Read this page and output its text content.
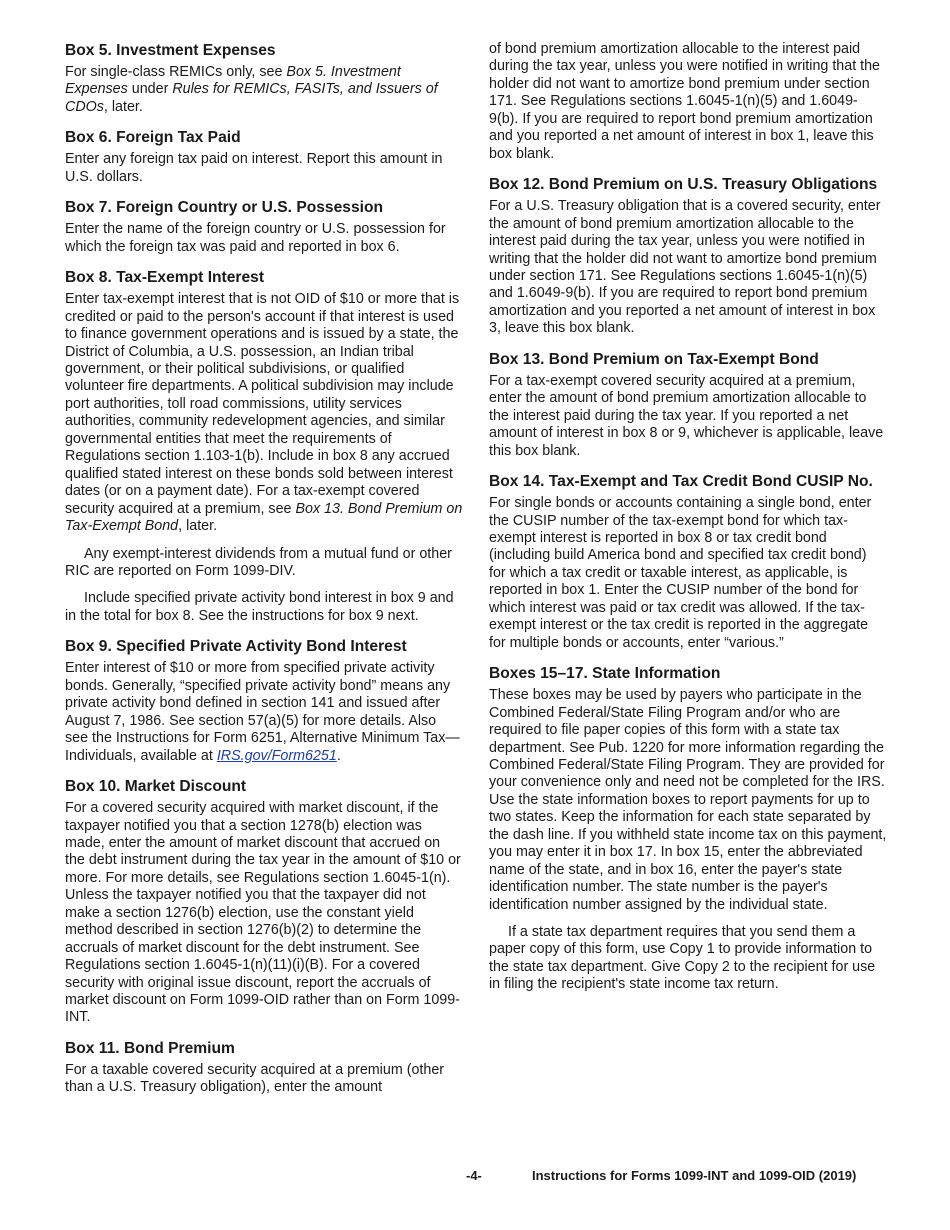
Box 5. Investment Expenses

For single-class REMICs only, see Box 5. Investment Expenses under Rules for REMICs, FASITs, and Issuers of CDOs, later.

Box 6. Foreign Tax Paid

Enter any foreign tax paid on interest. Report this amount in U.S. dollars.

Box 7. Foreign Country or U.S. Possession

Enter the name of the foreign country or U.S. possession for which the foreign tax was paid and reported in box 6.

Box 8. Tax-Exempt Interest

Enter tax-exempt interest that is not OID of $10 or more that is credited or paid to the person's account if that interest is used to finance government operations and is issued by a state, the District of Columbia, a U.S. possession, an Indian tribal government, or their political subdivisions, or qualified volunteer fire departments. A political subdivision may include port authorities, toll road commissions, utility services authorities, community redevelopment agencies, and similar governmental entities that meet the requirements of Regulations section 1.103-1(b). Include in box 8 any accrued qualified stated interest on these bonds sold between interest dates (or on a payment date). For a tax-exempt covered security acquired at a premium, see Box 13. Bond Premium on Tax-Exempt Bond, later.

Any exempt-interest dividends from a mutual fund or other RIC are reported on Form 1099-DIV.

Include specified private activity bond interest in box 9 and in the total for box 8. See the instructions for box 9 next.

Box 9. Specified Private Activity Bond Interest

Enter interest of $10 or more from specified private activity bonds. Generally, “specified private activity bond” means any private activity bond defined in section 141 and issued after August 7, 1986. See section 57(a)(5) for more details. Also see the Instructions for Form 6251, Alternative Minimum Tax—Individuals, available at IRS.gov/Form6251.

Box 10. Market Discount

For a covered security acquired with market discount, if the taxpayer notified you that a section 1278(b) election was made, enter the amount of market discount that accrued on the debt instrument during the tax year in the amount of $10 or more. For more details, see Regulations section 1.6045-1(n). Unless the taxpayer notified you that the taxpayer did not make a section 1276(b) election, use the constant yield method described in section 1276(b)(2) to determine the accruals of market discount for the debt instrument. See Regulations section 1.6045-1(n)(11)(i)(B). For a covered security with original issue discount, report the accruals of market discount on Form 1099-OID rather than on Form 1099-INT.

Box 11. Bond Premium

For a taxable covered security acquired at a premium (other than a U.S. Treasury obligation), enter the amount

of bond premium amortization allocable to the interest paid during the tax year, unless you were notified in writing that the holder did not want to amortize bond premium under section 171. See Regulations sections 1.6045-1(n)(5) and 1.6049-9(b). If you are required to report bond premium amortization and you reported a net amount of interest in box 1, leave this box blank.

Box 12. Bond Premium on U.S. Treasury Obligations

For a U.S. Treasury obligation that is a covered security, enter the amount of bond premium amortization allocable to the interest paid during the tax year, unless you were notified in writing that the holder did not want to amortize bond premium under section 171. See Regulations sections 1.6045-1(n)(5) and 1.6049-9(b). If you are required to report bond premium amortization and you reported a net amount of interest in box 3, leave this box blank.

Box 13. Bond Premium on Tax-Exempt Bond

For a tax-exempt covered security acquired at a premium, enter the amount of bond premium amortization allocable to the interest paid during the tax year. If you reported a net amount of interest in box 8 or 9, whichever is applicable, leave this box blank.

Box 14. Tax-Exempt and Tax Credit Bond CUSIP No.

For single bonds or accounts containing a single bond, enter the CUSIP number of the tax-exempt bond for which tax-exempt interest is reported in box 8 or tax credit bond (including build America bond and specified tax credit bond) for which a tax credit or taxable interest, as applicable, is reported in box 1. Enter the CUSIP number of the bond for which interest was paid or tax credit was allowed. If the tax-exempt interest or the tax credit is reported in the aggregate for multiple bonds or accounts, enter “various.”

Boxes 15–17. State Information

These boxes may be used by payers who participate in the Combined Federal/State Filing Program and/or who are required to file paper copies of this form with a state tax department. See Pub. 1220 for more information regarding the Combined Federal/State Filing Program. They are provided for your convenience only and need not be completed for the IRS. Use the state information boxes to report payments for up to two states. Keep the information for each state separated by the dash line. If you withheld state income tax on this payment, you may enter it in box 17. In box 15, enter the abbreviated name of the state, and in box 16, enter the payer's state identification number. The state number is the payer's identification number assigned by the individual state.

If a state tax department requires that you send them a paper copy of this form, use Copy 1 to provide information to the state tax department. Give Copy 2 to the recipient for use in filing the recipient's state income tax return.

-4-	Instructions for Forms 1099-INT and 1099-OID (2019)
